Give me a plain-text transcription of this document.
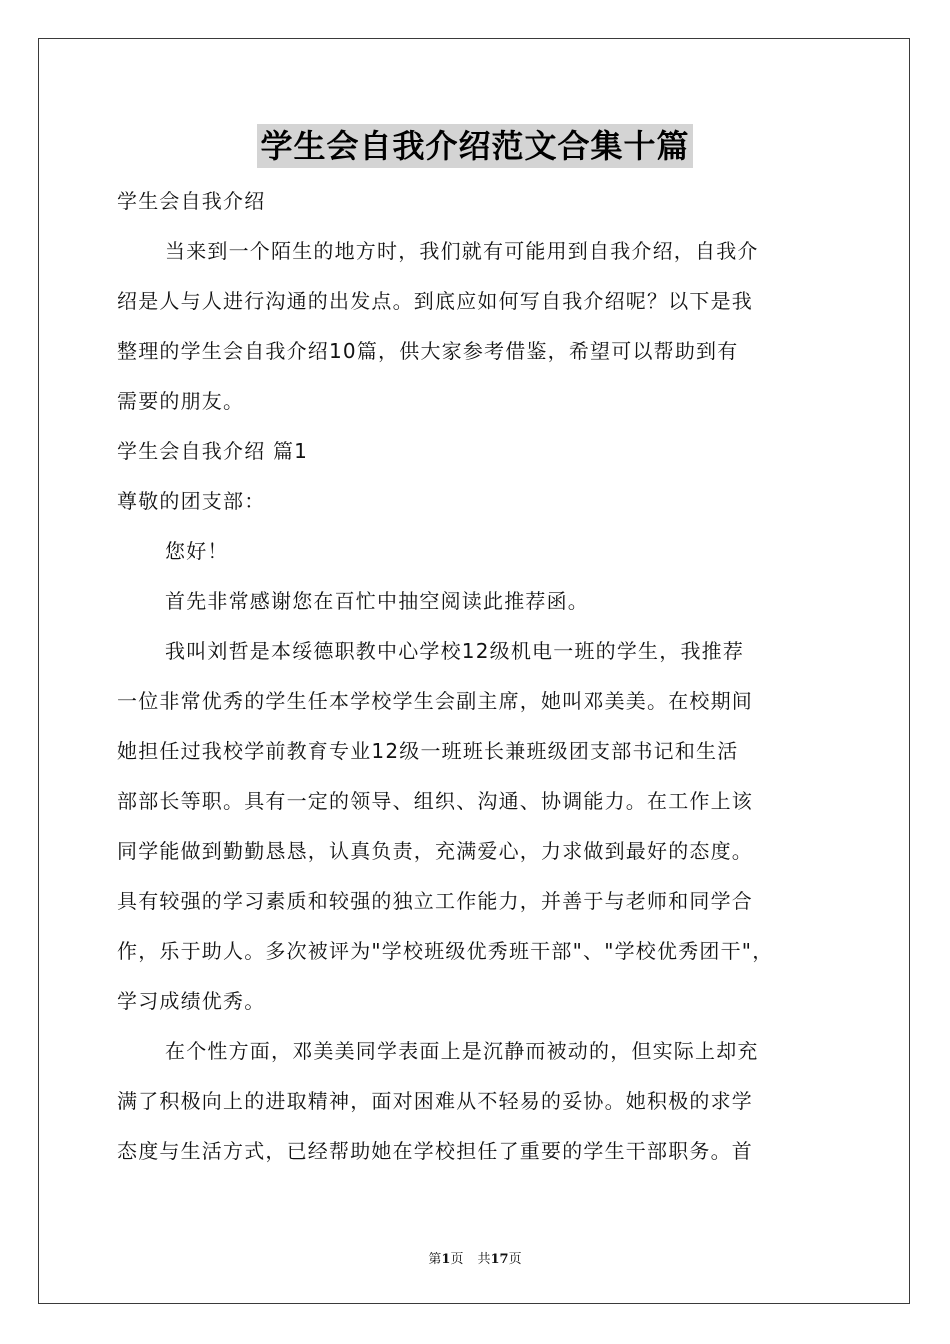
学生会自我介绍范文合集十篇
学生会自我介绍
当来到一个陌生的地方时，我们就有可能用到自我介绍，自我介
绍是人与人进行沟通的出发点。到底应如何写自我介绍呢？以下是我
整理的学生会自我介绍10篇，供大家参考借鉴，希望可以帮助到有
需要的朋友。
学生会自我介绍 篇1
尊敬的团支部：
您好！
首先非常感谢您在百忙中抽空阅读此推荐函。
我叫刘哲是本绥德职教中心学校12级机电一班的学生，我推荐
一位非常优秀的学生任本学校学生会副主席，她叫邓美美。在校期间
她担任过我校学前教育专业12级一班班长兼班级团支部书记和生活
部部长等职。具有一定的领导、组织、沟通、协调能力。在工作上该
同学能做到勤勤恳恳，认真负责，充满爱心，力求做到最好的态度。
具有较强的学习素质和较强的独立工作能力，并善于与老师和同学合
作，乐于助人。多次被评为"学校班级优秀班干部"、"学校优秀团干"，
学习成绩优秀。
在个性方面，邓美美同学表面上是沉静而被动的，但实际上却充
满了积极向上的进取精神，面对困难从不轻易的妥协。她积极的求学
态度与生活方式，已经帮助她在学校担任了重要的学生干部职务。首
第1页 共17页
